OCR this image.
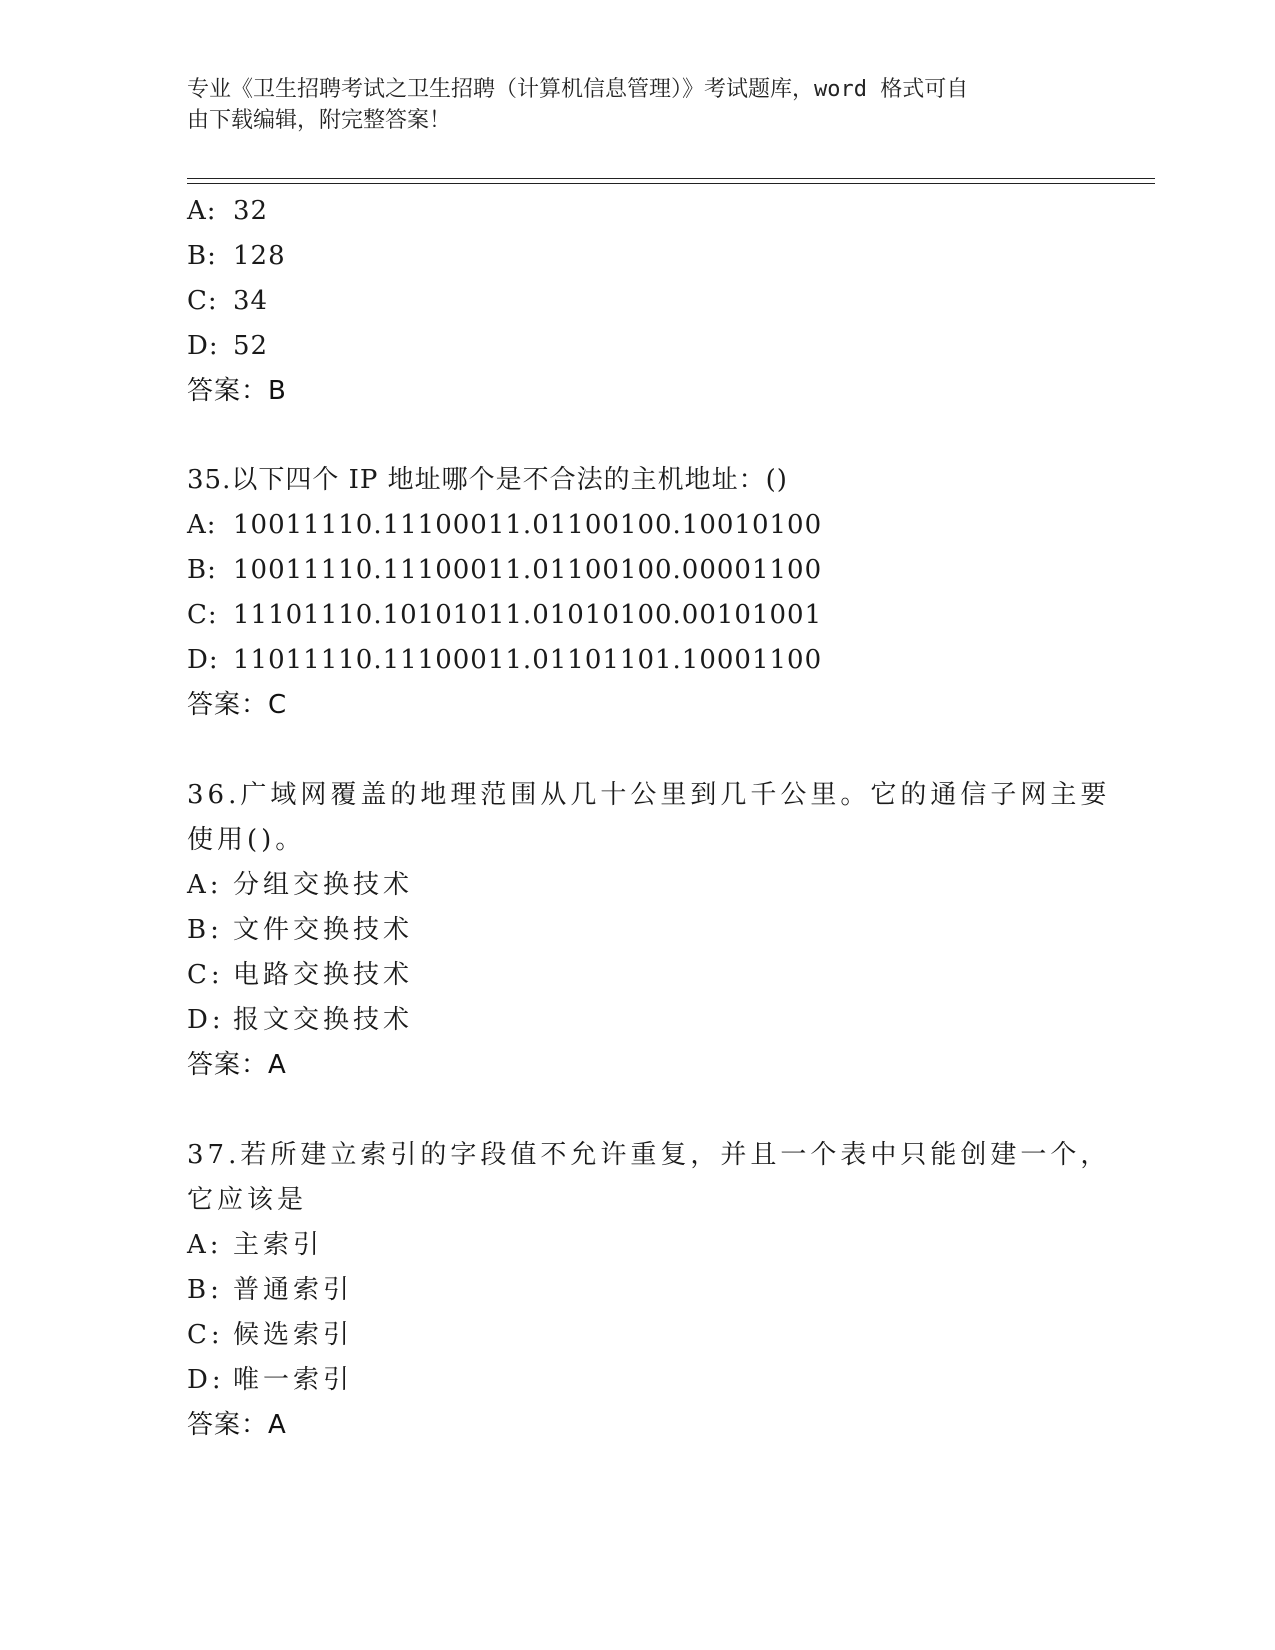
专业《卫生招聘考试之卫生招聘（计算机信息管理）》考试题库，word 格式可自
由下载编辑，附完整答案！
A: 32
B: 128
C: 34
D: 52
答案：B
35.以下四个 IP 地址哪个是不合法的主机地址：()
A: 10011110.11100011.01100100.10010100
B: 10011110.11100011.01100100.00001100
C: 11101110.10101011.01010100.00101001
D: 11011110.11100011.01101101.10001100
答案：C
36.广域网覆盖的地理范围从几十公里到几千公里。它的通信子网主要
使用()。
A: 分组交换技术
B: 文件交换技术
C: 电路交换技术
D: 报文交换技术
答案：A
37.若所建立索引的字段值不允许重复，并且一个表中只能创建一个，
它应该是
A: 主索引
B: 普通索引
C: 候选索引
D: 唯一索引
答案：A
